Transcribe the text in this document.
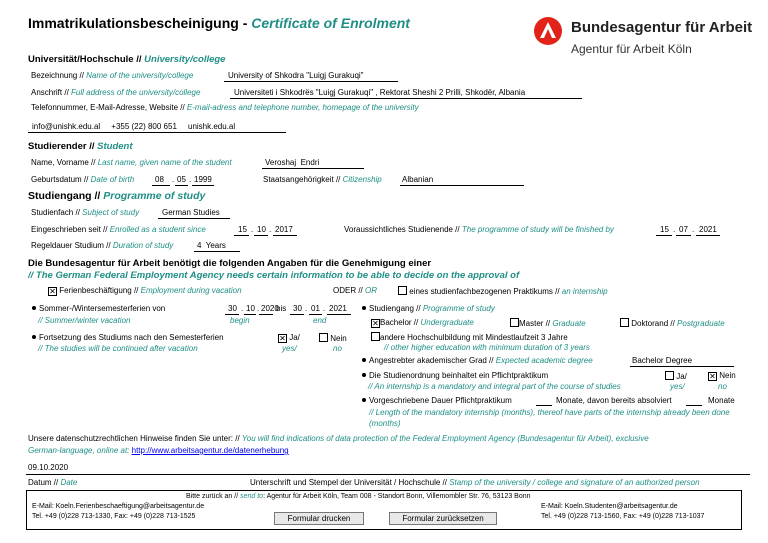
Immatrikulationsbescheinigung - Certificate of Enrolment	Bundesagentur für Arbeit
Agentur für Arbeit Köln
Universität/Hochschule // University/college
Bezeichnung // Name of the university/college	University of Shkodra "Luigj Gurakuqi"
Anschrift // Full address of the university/college	Universiteti i Shkodrës "Luigj Gurakuqi" , Rektorat Sheshi 2 Prilli, Shkodër, Albania
Telefonnummer, E-Mail-Adresse, Website // E-mail-adress and telephone number, homepage of the university
info@unishk.edu.al     +355 (22) 800 651     unishk.edu.al
Studierender // Student
Name, Vorname // Last name, given name of the student	Veroshaj  Endri
Geburtsdatum // Date of birth	08 . 05 . 1999	Staatsangehörigkeit // Citizenship	Albanian
Studiengang // Programme of study
Studienfach // Subject of study	German Studies
Eingeschrieben seit // Enrolled as a student since	15 . 10 . 2017	Voraussichtliches Studienende // The programme of study will be finished by	15 . 07 . 2021
Regeldauer Studium // Duration of study	4  Years
Die Bundesagentur für Arbeit benötigt die folgenden Angaben für die Genehmigung einer
// The German Federal Employment Agency needs certain information to be able to decide on the approval of
✕ Ferienbeschäftigung // Employment during vacation	ODER // OR	eines studienfachbezogenen Praktikums // an internship
Sommer-/Wintersemesterferien von
// Summer/winter vacation
30 . 10 . 2020
bis 30 . 01 . 2021
begin	end
Fortsetzung des Studiums nach den Semesterferien
// The studies will be continued after vacation
✕ Ja/
yes/
Nein
no
Studiengang // Programme of study
✕Bachelor // Undergraduate	Master // Graduate	Doktorand // Postgraduate
andere Hochschulbildung mit Mindestlaufzeit 3 Jahre
// other higher education with minimum duration of 3 years
Angestrebter akademischer Grad // Expected academic degree	Bachelor Degree
Die Studienordnung beinhaltet ein Pflichtpraktikum
// An internship is a mandatory and integral part of the course of studies
Ja/	✕ Nein
yes/	no
Vorgeschriebene Dauer Pflichtpraktikum	Monate, davon bereits absolviert	Monate
// Length of the mandatory internship (months), thereof have parts of the internship already been done (months)
Unsere datenschutzrechtlichen Hinweise finden Sie unter: // You will find indications of data protection of the Federal Employment Agency (Bundesagentur für Arbeit), exclusive
German-language, online at: http://www.arbeitsagentur.de/datenerhebung
09.10.2020
Datum // Date	Unterschrift und Stempel der Universität / Hochschule // Stamp of the university / college and signature of an authorized person
Bitte zurück an // send to: Agentur für Arbeit Köln, Team 008 - Standort Bonn, Villemombler Str. 76, 53123 Bonn
E-Mail: Koeln.Ferienbeschaeftigung@arbeitsagentur.de
Tel. +49 (0)228 713-1330, Fax: +49 (0)228 713-1525
E-Mail: Koeln.Studenten@arbeitsagentur.de
Tel. +49 (0)228 713-1560, Fax: +49 (0)228 713-1037
Formular drucken	Formular zurücksetzen
